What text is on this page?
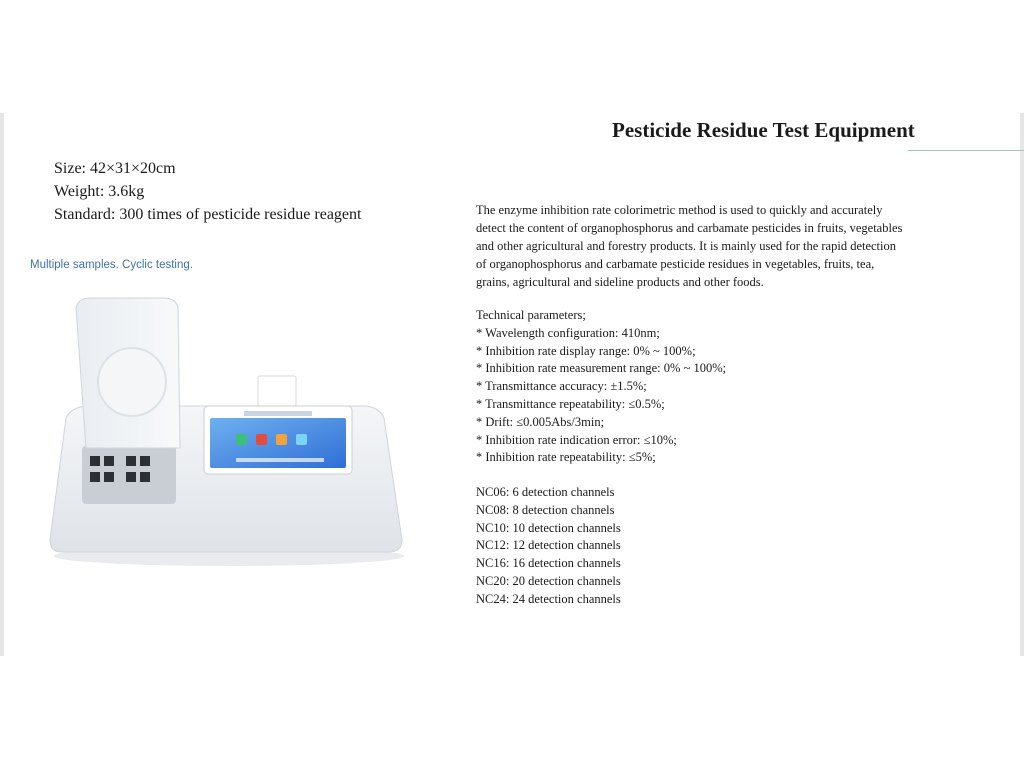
Pesticide Residue Test Equipment
Size: 42×31×20cm
Weight: 3.6kg
Standard: 300 times of pesticide residue reagent
Multiple samples. Cyclic testing.
The enzyme inhibition rate colorimetric method is used to quickly and accurately
detect the content of organophosphorus and carbamate pesticides in fruits, vegetables
and other agricultural and forestry products. It is mainly used for the rapid detection
of organophosphorus and carbamate pesticide residues in vegetables, fruits, tea,
grains, agricultural and sideline products and other foods.
Technical parameters;
* Wavelength configuration: 410nm;
* Inhibition rate display range: 0% ~ 100%;
* Inhibition rate measurement range: 0% ~ 100%;
* Transmittance accuracy: ±1.5%;
* Transmittance repeatability: ≤0.5%;
* Drift: ≤0.005Abs/3min;
* Inhibition rate indication error: ≤10%;
* Inhibition rate repeatability: ≤5%;
NC06: 6 detection channels
NC08: 8 detection channels
NC10: 10 detection channels
NC12: 12 detection channels
NC16: 16 detection channels
NC20: 20 detection channels
NC24: 24 detection channels
